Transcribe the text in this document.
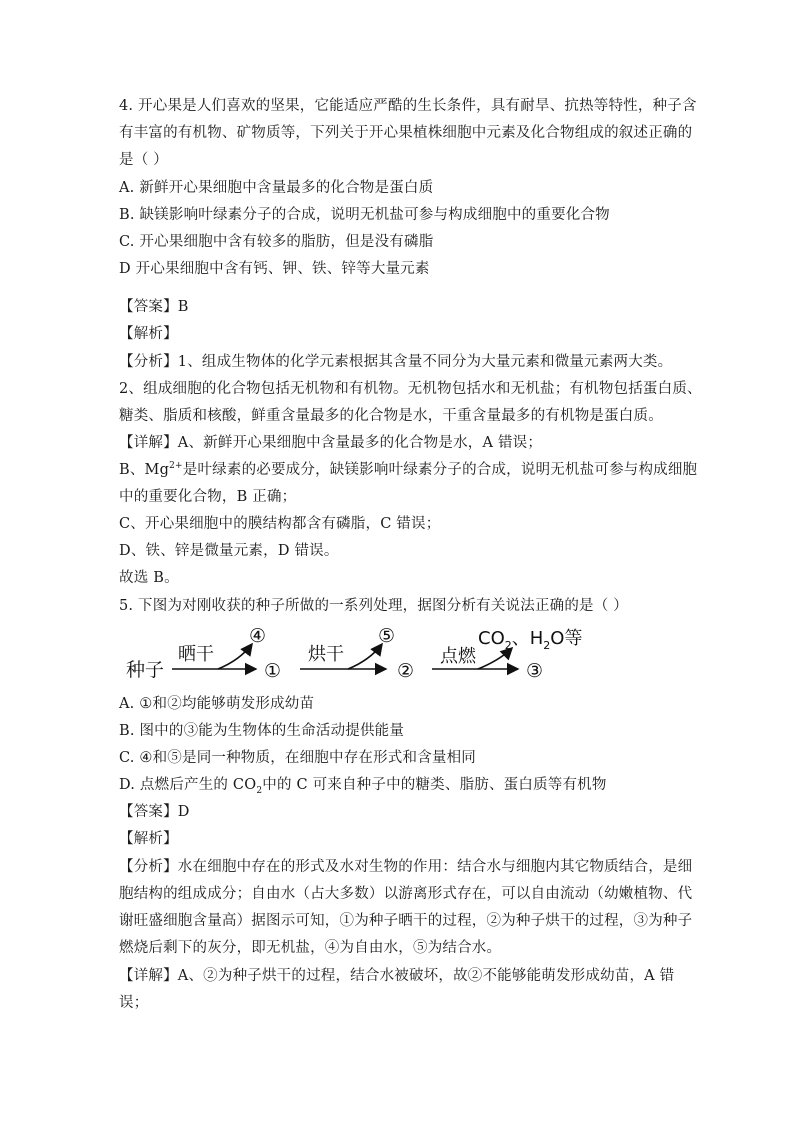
4. 开心果是人们喜欢的坚果，它能适应严酷的生长条件，具有耐旱、抗热等特性，种子含
有丰富的有机物、矿物质等，下列关于开心果植株细胞中元素及化合物组成的叙述正确的
是（ ）
A. 新鲜开心果细胞中含量最多的化合物是蛋白质
B. 缺镁影响叶绿素分子的合成，说明无机盐可参与构成细胞中的重要化合物
C. 开心果细胞中含有较多的脂肪，但是没有磷脂
D 开心果细胞中含有钙、钾、铁、锌等大量元素
【答案】B
【解析】
【分析】1、组成生物体的化学元素根据其含量不同分为大量元素和微量元素两大类。
2、组成细胞的化合物包括无机物和有机物。无机物包括水和无机盐；有机物包括蛋白质、
糖类、脂质和核酸，鲜重含量最多的化合物是水，干重含量最多的有机物是蛋白质。
【详解】A、新鲜开心果细胞中含量最多的化合物是水，A 错误；
B、$Mg^{2+}$是叶绿素的必要成分，缺镁影响叶绿素分子的合成，说明无机盐可参与构成细胞
中的重要化合物，B 正确；
C、开心果细胞中的膜结构都含有磷脂，C 错误；
D、铁、锌是微量元素，D 错误。
故选 B。
5. 下图为对刚收获的种子所做的一系列处理，据图分析有关说法正确的是（ ）
种子
晒干
④
①
烘干
⑤
②
点燃
$CO_2$、$H_2O$等
③
A. ①和②均能够萌发形成幼苗
B. 图中的③能为生物体的生命活动提供能量
C. ④和⑤是同一种物质，在细胞中存在形式和含量相同
D. 点燃后产生的 $CO_2$中的 C 可来自种子中的糖类、脂肪、蛋白质等有机物
【答案】D
【解析】
【分析】水在细胞中存在的形式及水对生物的作用：结合水与细胞内其它物质结合，是细
胞结构的组成成分；自由水（占大多数）以游离形式存在，可以自由流动（幼嫩植物、代
谢旺盛细胞含量高）据图示可知，①为种子晒干的过程，②为种子烘干的过程，③为种子
燃烧后剩下的灰分，即无机盐，④为自由水，⑤为结合水。
【详解】A、②为种子烘干的过程，结合水被破坏，故②不能够能萌发形成幼苗，A 错
误；
